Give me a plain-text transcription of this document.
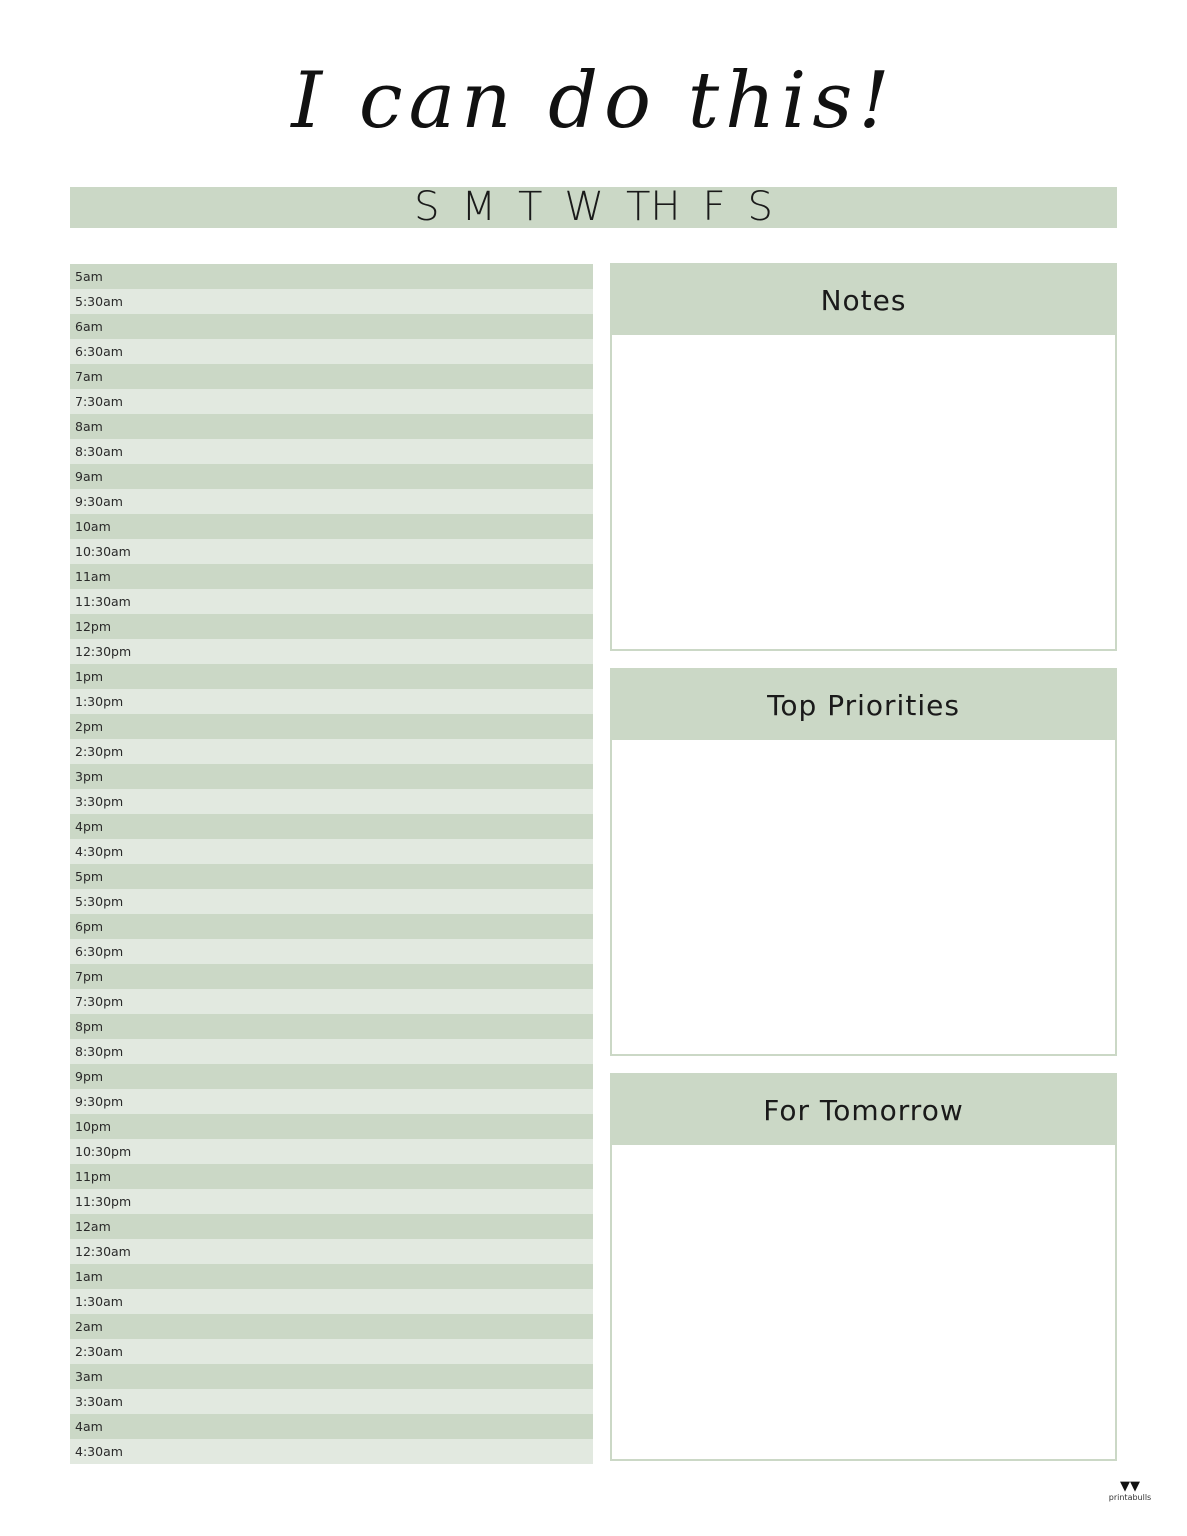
I can do this!
S M T W TH F S
5am
5:30am
6am
6:30am
7am
7:30am
8am
8:30am
9am
9:30am
10am
10:30am
11am
11:30am
12pm
12:30pm
1pm
1:30pm
2pm
2:30pm
3pm
3:30pm
4pm
4:30pm
5pm
5:30pm
6pm
6:30pm
7pm
7:30pm
8pm
8:30pm
9pm
9:30pm
10pm
10:30pm
11pm
11:30pm
12am
12:30am
1am
1:30am
2am
2:30am
3am
3:30am
4am
4:30am
Notes
Top Priorities
For Tomorrow
▼▼
printabulls
